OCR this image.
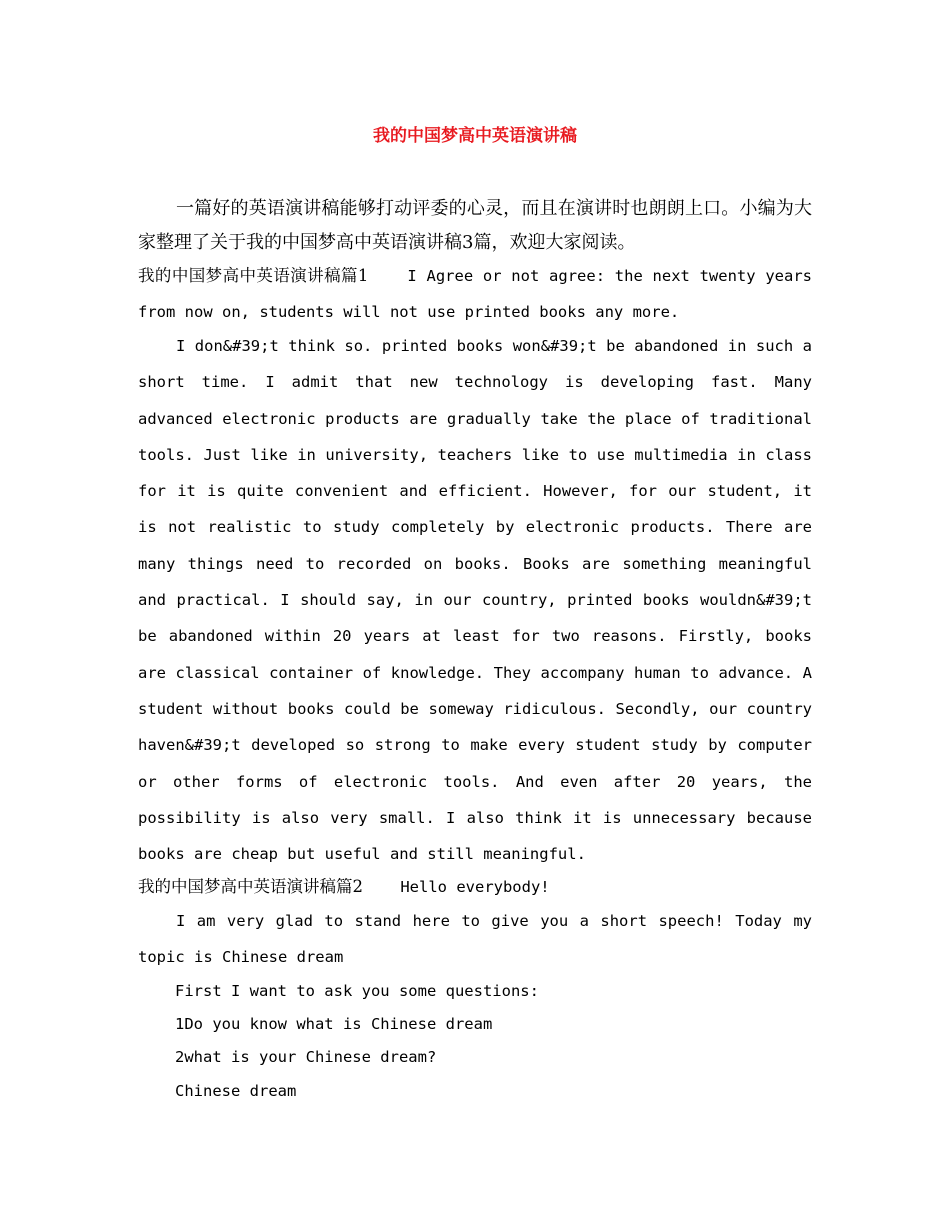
我的中国梦高中英语演讲稿

一篇好的英语演讲稿能够打动评委的心灵，而且在演讲时也朗朗上口。小编为大家整理了关于我的中国梦高中英语演讲稿3篇，欢迎大家阅读。

我的中国梦高中英语演讲稿篇1	I Agree or not agree: the next twenty years from now on, students will not use printed books any more.

I don&#39;t think so. printed books won&#39;t be abandoned in such a short time. I admit that new technology is developing fast. Many advanced electronic products are gradually take the place of traditional tools. Just like in university, teachers like to use multimedia in class for it is quite convenient and efficient. However, for our student, it is not realistic to study completely by electronic products. There are many things need to recorded on books. Books are something meaningful and practical. I should say, in our country, printed books wouldn&#39;t be abandoned within 20 years at least for two reasons. Firstly, books are classical container of knowledge. They accompany human to advance. A student without books could be someway ridiculous. Secondly, our country haven&#39;t developed so strong to make every student study by computer or other forms of electronic tools. And even after 20 years, the possibility is also very small. I also think it is unnecessary because books are cheap but useful and still meaningful.

我的中国梦高中英语演讲稿篇2 Hello everybody!

I am very glad to stand here to give you a short speech! Today my topic is Chinese dream

First I want to ask you some questions:
1Do you know what is Chinese dream
2what is your Chinese dream?
Chinese dream
